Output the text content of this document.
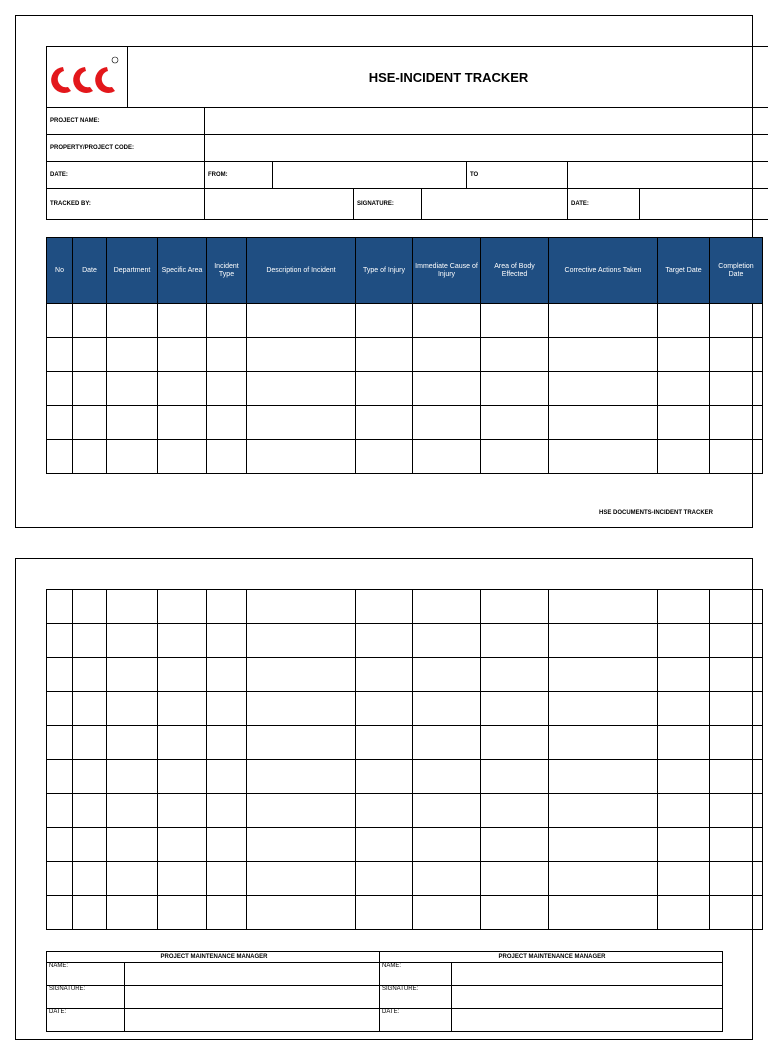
HSE-INCIDENT TRACKER
PROJECT NAME:
PROPERTY/PROJECT CODE:
DATE:	FROM:	TO
TRACKED BY:	SIGNATURE:	DATE:
No	Date	Department	Specific Area	Incident Type	Description of Incident	Type of Injury	Immediate Cause of Injury	Area of Body Effected	Corrective Actions Taken	Target Date	Completion Date

HSE DOCUMENTS-INCIDENT TRACKER

PROJECT MAINTENANCE MANAGER		PROJECT MAINTENANCE MANAGER	
NAME:		NAME:	
SIGNATURE:		SIGNATURE:	
DATE:		DATE:	
